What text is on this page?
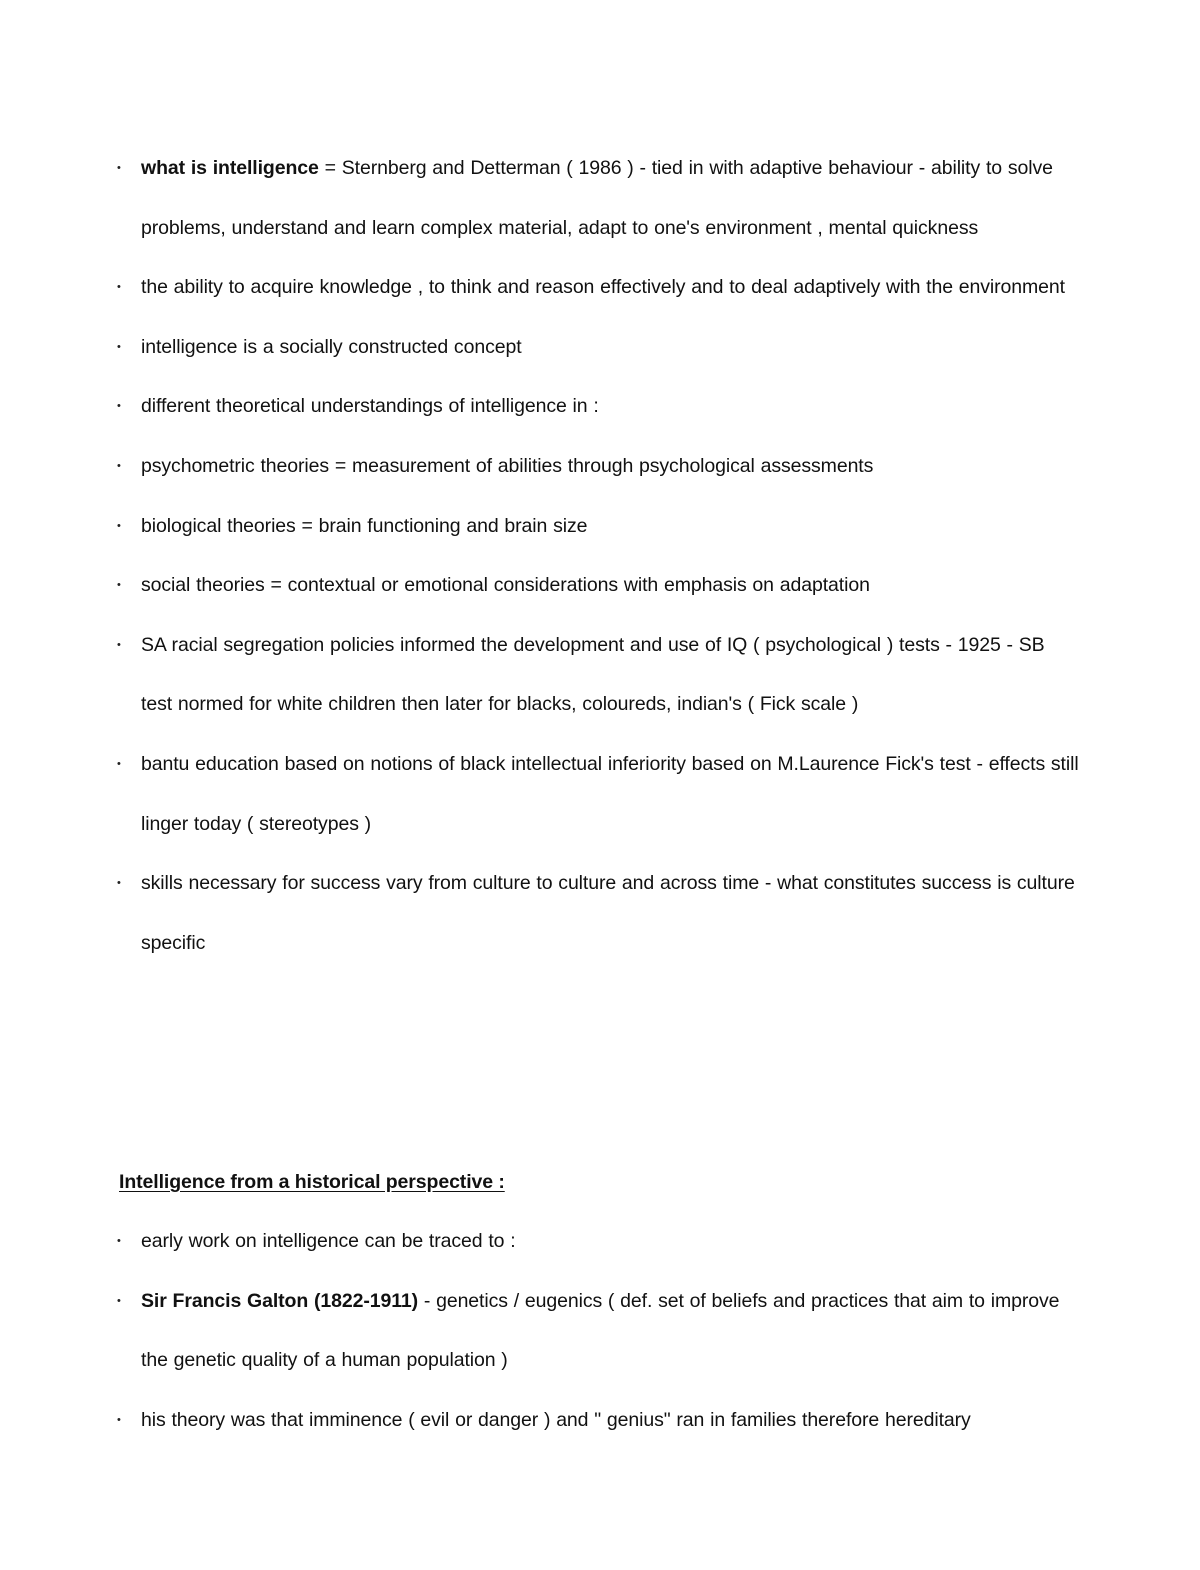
• what is intelligence = Sternberg and Detterman ( 1986 ) - tied in with adaptive behaviour - ability to solve problems, understand and learn complex material, adapt to one's environment , mental quickness
• the ability to acquire knowledge , to think and reason effectively and to deal adaptively with the environment
• intelligence is a socially constructed concept
• different theoretical understandings of intelligence in :
• psychometric theories = measurement of abilities through psychological assessments
• biological theories = brain functioning and brain size
• social theories = contextual or emotional considerations with emphasis on adaptation
• SA racial segregation policies informed the development and use of IQ ( psychological ) tests - 1925 - SB test normed for white children then later for blacks, coloureds, indian's ( Fick scale )
• bantu education based on notions of black intellectual inferiority based on M.Laurence Fick's test - effects still linger today ( stereotypes )
• skills necessary for success vary from culture to culture and across time - what constitutes success is culture specific
Intelligence from a historical perspective :
• early work on intelligence can be traced to :
• Sir Francis Galton (1822-1911) - genetics / eugenics ( def. set of beliefs and practices that aim to improve the genetic quality of a human population )
• his theory was that imminence ( evil or danger ) and " genius" ran in families therefore hereditary
